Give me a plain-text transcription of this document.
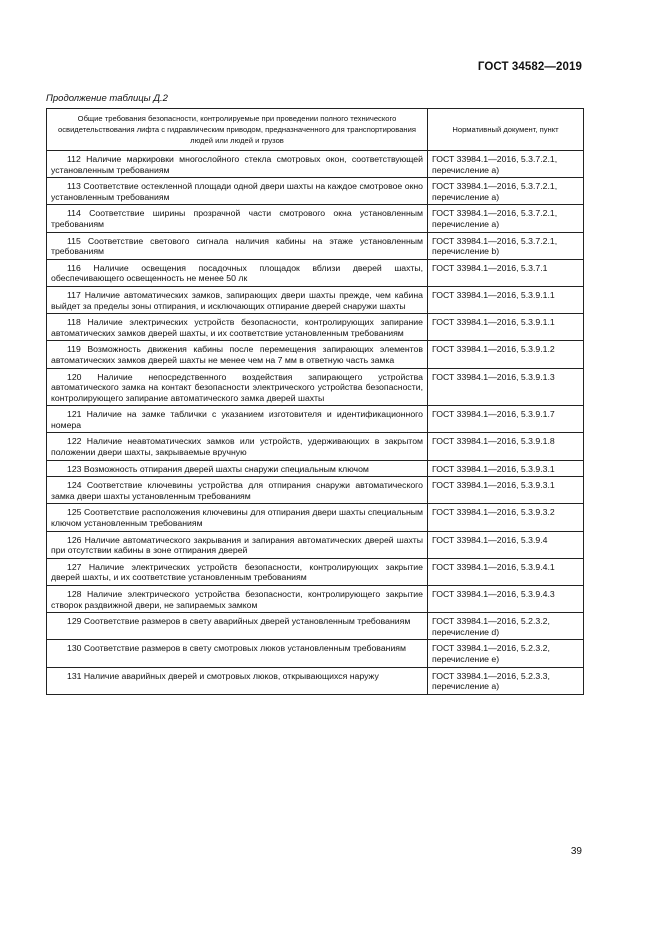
ГОСТ 34582—2019
Продолжение таблицы Д.2
Общие требования безопасности, контролируемые при проведении полного технического освидетельствования лифта с гидравлическим приводом, предназначенного для транспортирования людей или людей и грузов	Нормативный документ, пункт
112 Наличие маркировки многослойного стекла смотровых окон, соответствующей установленным требованиям	ГОСТ 33984.1—2016, 5.3.7.2.1, перечисление а)
113 Соответствие остекленной площади одной двери шахты на каждое смотровое окно установленным требованиям	ГОСТ 33984.1—2016, 5.3.7.2.1, перечисление а)
114 Соответствие ширины прозрачной части смотрового окна установленным требованиям	ГОСТ 33984.1—2016, 5.3.7.2.1, перечисление а)
115 Соответствие светового сигнала наличия кабины на этаже установленным требованиям	ГОСТ 33984.1—2016, 5.3.7.2.1, перечисление b)
116 Наличие освещения посадочных площадок вблизи дверей шахты, обеспечивающего освещенность не менее 50 лк	ГОСТ 33984.1—2016, 5.3.7.1
117 Наличие автоматических замков, запирающих двери шахты прежде, чем кабина выйдет за пределы зоны отпирания, и исключающих отпирание дверей снаружи шахты	ГОСТ 33984.1—2016, 5.3.9.1.1
118 Наличие электрических устройств безопасности, контролирующих запирание автоматических замков дверей шахты, и их соответствие установленным требованиям	ГОСТ 33984.1—2016, 5.3.9.1.1
119 Возможность движения кабины после перемещения запирающих элементов автоматических замков дверей шахты не менее чем на 7 мм в ответную часть замка	ГОСТ 33984.1—2016, 5.3.9.1.2
120 Наличие непосредственного воздействия запирающего устройства автоматического замка на контакт безопасности электрического устройства безопасности, контролирующего запирание автоматического замка дверей шахты	ГОСТ 33984.1—2016, 5.3.9.1.3
121 Наличие на замке таблички с указанием изготовителя и идентификационного номера	ГОСТ 33984.1—2016, 5.3.9.1.7
122 Наличие неавтоматических замков или устройств, удерживающих в закрытом положении двери шахты, закрываемые вручную	ГОСТ 33984.1—2016, 5.3.9.1.8
123 Возможность отпирания дверей шахты снаружи специальным ключом	ГОСТ 33984.1—2016, 5.3.9.3.1
124 Соответствие ключевины устройства для отпирания снаружи автоматического замка двери шахты установленным требованиям	ГОСТ 33984.1—2016, 5.3.9.3.1
125 Соответствие расположения ключевины для отпирания двери шахты специальным ключом установленным требованиям	ГОСТ 33984.1—2016, 5.3.9.3.2
126 Наличие автоматического закрывания и запирания автоматических дверей шахты при отсутствии кабины в зоне отпирания дверей	ГОСТ 33984.1—2016, 5.3.9.4
127 Наличие электрических устройств безопасности, контролирующих закрытие дверей шахты, и их соответствие установленным требованиям	ГОСТ 33984.1—2016, 5.3.9.4.1
128 Наличие электрического устройства безопасности, контролирующего закрытие створок раздвижной двери, не запираемых замком	ГОСТ 33984.1—2016, 5.3.9.4.3
129 Соответствие размеров в свету аварийных дверей установленным требованиям	ГОСТ 33984.1—2016, 5.2.3.2, перечисление d)
130 Соответствие размеров в свету смотровых люков установленным требованиям	ГОСТ 33984.1—2016, 5.2.3.2, перечисление е)
131 Наличие аварийных дверей и смотровых люков, открывающихся наружу	ГОСТ 33984.1—2016, 5.2.3.3, перечисление а)
39
